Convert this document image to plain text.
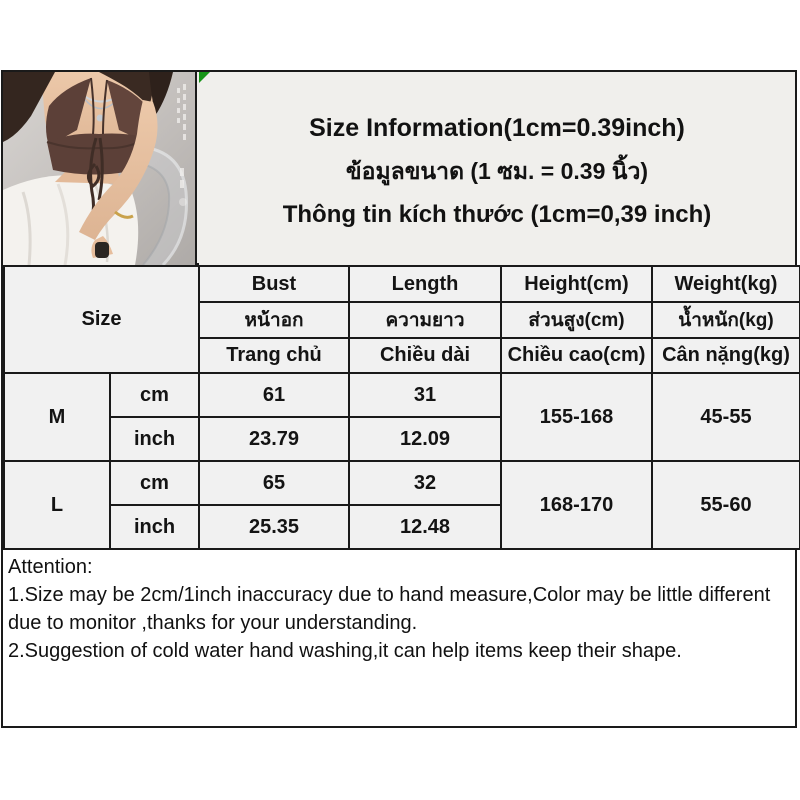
Size Information(1cm=0.39inch)
ข้อมูลขนาด (1 ซม. = 0.39 นิ้ว)
Thông tin kích thước (1cm=0,39 inch)
Size		Bust	Length	Height(cm)	Weight(kg)
		หน้าอก	ความยาว	ส่วนสูง(cm)	น้ำหนัก(kg)
		Trang chủ	Chiều dài	Chiều cao(cm)	Cân nặng(kg)
M	cm	61	31	155-168	45-55
	inch	23.79	12.09		
L	cm	65	32	168-170	55-60
	inch	25.35	12.48		
Attention:
1.Size may be 2cm/1inch inaccuracy due to hand measure,Color may be little different
due to monitor ,thanks for your understanding.
2.Suggestion of cold water hand washing,it can help items keep their shape.
